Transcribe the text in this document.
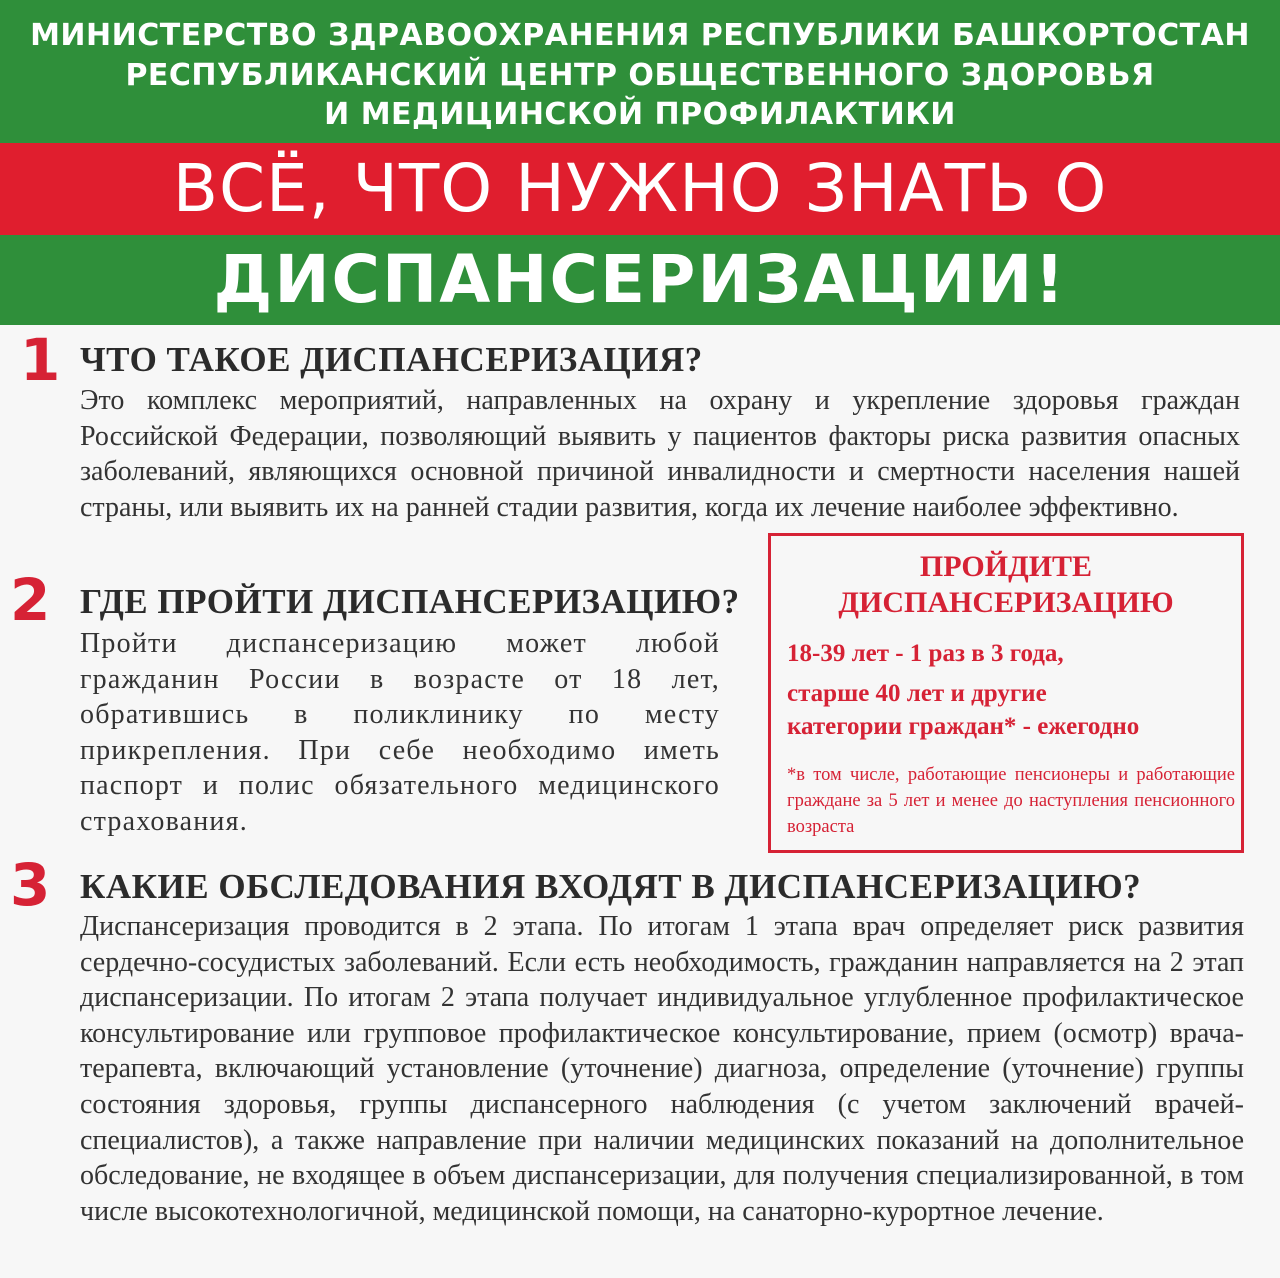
МИНИСТЕРСТВО ЗДРАВООХРАНЕНИЯ РЕСПУБЛИКИ БАШКОРТОСТАН
РЕСПУБЛИКАНСКИЙ ЦЕНТР ОБЩЕСТВЕННОГО ЗДОРОВЬЯ
И МЕДИЦИНСКОЙ ПРОФИЛАКТИКИ
ВСЁ, ЧТО НУЖНО ЗНАТЬ О
ДИСПАНСЕРИЗАЦИИ!
1 ЧТО ТАКОЕ ДИСПАНСЕРИЗАЦИЯ?
Это комплекс мероприятий, направленных на охрану и укрепление здоровья граждан Российской Федерации, позволяющий выявить у пациентов факторы риска развития опасных заболеваний, являющихся основной причиной инвалидности и смертности населения нашей страны, или выявить их на ранней стадии развития, когда их лечение наиболее эффективно.
2 ГДЕ ПРОЙТИ ДИСПАНСЕРИЗАЦИЮ?
Пройти диспансеризацию может любой гражданин России в возрасте от 18 лет, обратившись в поликлинику по месту прикрепления. При себе необходимо иметь паспорт и полис обязательного медицинского страхования.
ПРОЙДИТЕ
ДИСПАНСЕРИЗАЦИЮ
18-39 лет - 1 раз в 3 года,
старше 40 лет и другие
категории граждан* - ежегодно
*в том числе, работающие пенсионеры и работающие граждане за 5 лет и менее до наступления пенсионного возраста
3 КАКИЕ ОБСЛЕДОВАНИЯ ВХОДЯТ В ДИСПАНСЕРИЗАЦИЮ?
Диспансеризация проводится в 2 этапа. По итогам 1 этапа врач определяет риск развития сердечно-сосудистых заболеваний. Если есть необходимость, гражданин направляется на 2 этап диспансеризации. По итогам 2 этапа получает индивидуальное углубленное профилактическое консультирование или групповое профилактическое консультирование, прием (осмотр) врача-терапевта, включающий установление (уточнение) диагноза, определение (уточнение) группы состояния здоровья, группы диспансерного наблюдения (с учетом заключений врачей-специалистов), а также направление при наличии медицинских показаний на дополнительное обследование, не входящее в объем диспансеризации, для получения специализированной, в том числе высокотехнологичной, медицинской помощи, на санаторно-курортное лечение.
